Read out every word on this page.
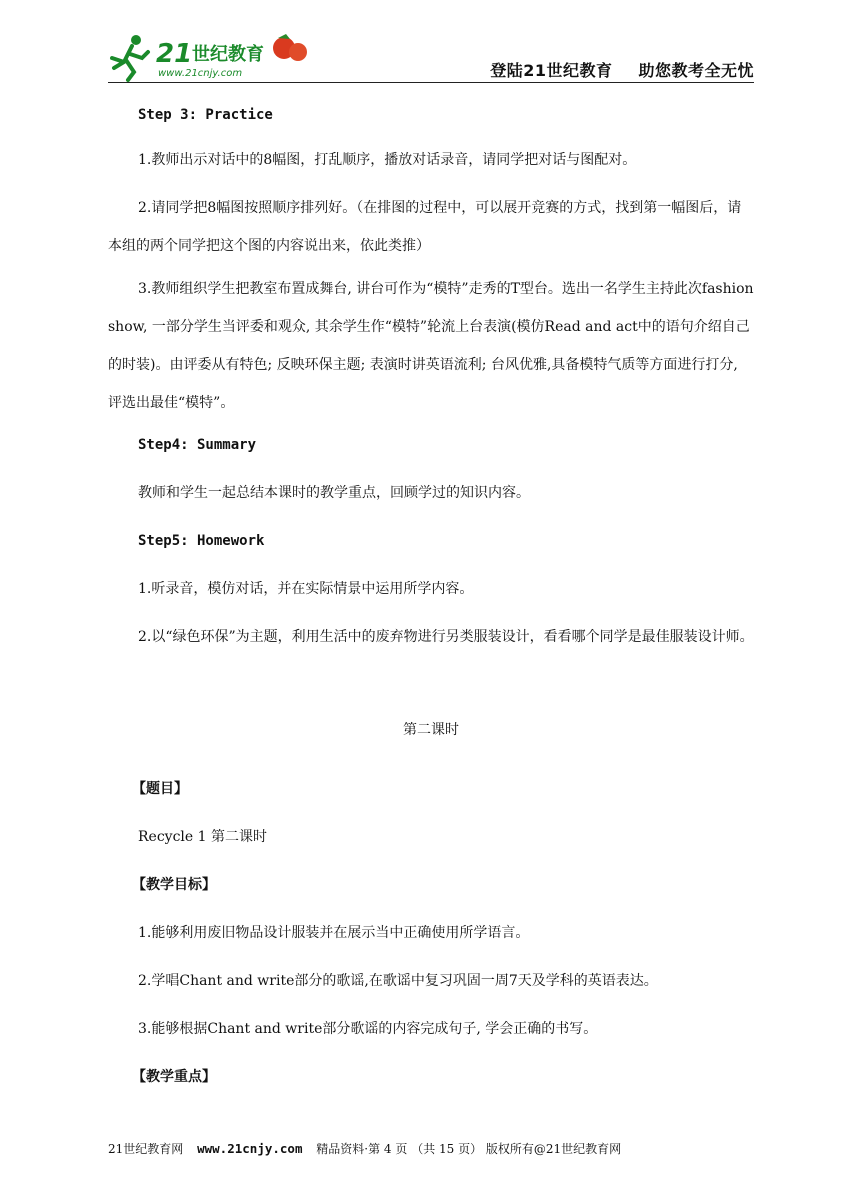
21 世纪教育
www.21cnjy.com	登陆21世纪教育 助您教考全无忧
Step 3: Practice
1.教师出示对话中的8幅图，打乱顺序，播放对话录音，请同学把对话与图配对。
2.请同学把8幅图按照顺序排列好。（在排图的过程中，可以展开竞赛的方式，找到第一幅图后，请本组的两个同学把这个图的内容说出来，依此类推）
3.教师组织学生把教室布置成舞台, 讲台可作为“模特”走秀的T型台。选出一名学生主持此次fashion show, 一部分学生当评委和观众, 其余学生作“模特”轮流上台表演(模仿Read and act中的语句介绍自己的时装)。由评委从有特色; 反映环保主题; 表演时讲英语流利; 台风优雅,具备模特气质等方面进行打分, 评选出最佳“模特”。
Step4: Summary
教师和学生一起总结本课时的教学重点，回顾学过的知识内容。
Step5: Homework
1.听录音，模仿对话，并在实际情景中运用所学内容。
2.以“绿色环保”为主题，利用生活中的废弃物进行另类服装设计，看看哪个同学是最佳服装设计师。
第二课时
【题目】
Recycle 1 第二课时
【教学目标】
1.能够利用废旧物品设计服装并在展示当中正确使用所学语言。
2.学唱Chant and write部分的歌谣,在歌谣中复习巩固一周7天及学科的英语表达。
3.能够根据Chant and write部分歌谣的内容完成句子, 学会正确的书写。
【教学重点】
21世纪教育网 www.21cnjy.com 精品资料·第 4 页 （共 15 页） 版权所有@21世纪教育网
